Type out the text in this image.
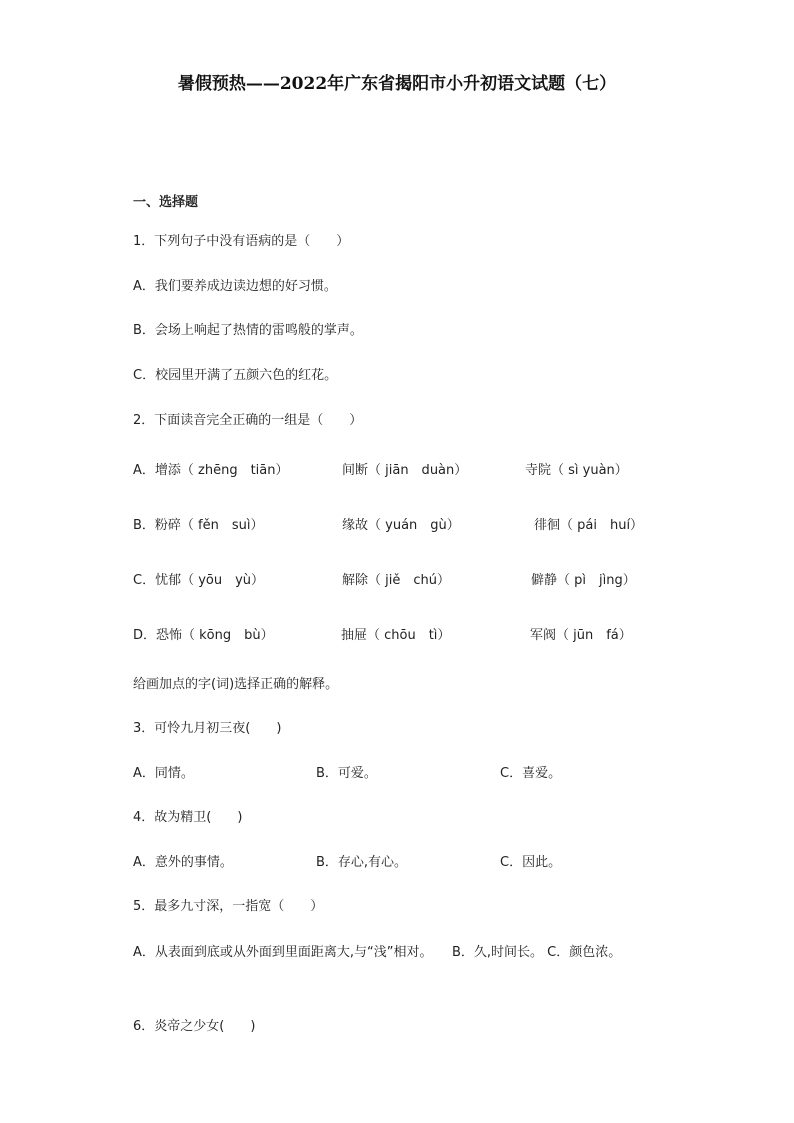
暑假预热——2022年广东省揭阳市小升初语文试题（七）
一、选择题
1．下列句子中没有语病的是（　　）
A．我们要养成边读边想的好习惯。
B．会场上响起了热情的雷鸣般的掌声。
C．校园里开满了五颜六色的红花。
2．下面读音完全正确的一组是（　　）
A．增添（ zhēng　tiān）	间断（ jiān　duàn）	寺院（ sì yuàn）
B．粉碎（ fěn　suì）	缘故（ yuán　gù）	徘徊（ pái　huí）
C．忧郁（ yōu　yù）	解除（ jiě　chú）	僻静（ pì　jìng）
D．恐怖（ kōng　bù）	抽屉（ chōu　tì）	军阀（ jūn　fá）
给画加点的字(词)选择正确的解释。
3．可怜九月初三夜(　　)
A．同情。	B．可爱。	C．喜爱。
4．故为精卫(　　)
A．意外的事情。	B．存心,有心。	C．因此。
5．最多九寸深，一指宽（　　）
A．从表面到底或从外面到里面距离大,与“浅”相对。　　B．久,时间长。 C．颜色浓。
6．炎帝之少女(　　)
